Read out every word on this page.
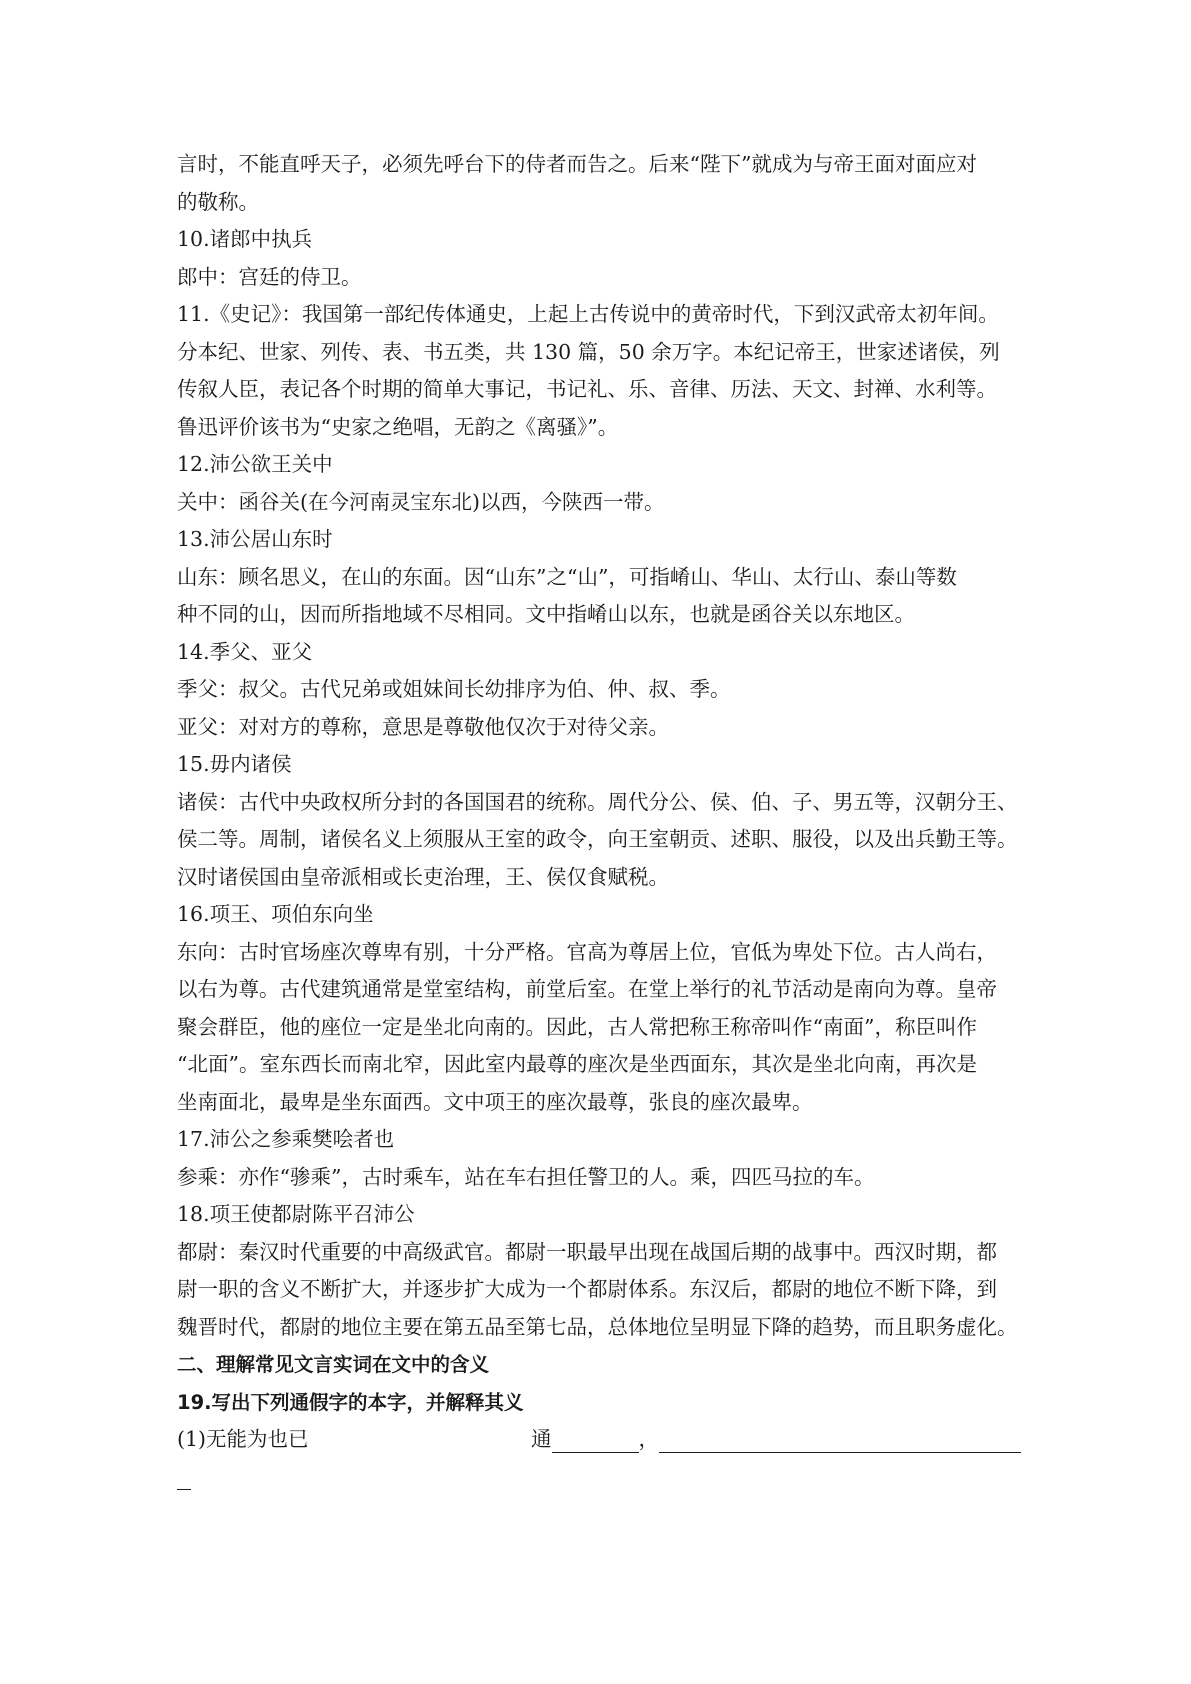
言时，不能直呼天子，必须先呼台下的侍者而告之。后来“陛下”就成为与帝王面对面应对

的敬称。

10.诸郎中执兵

郎中：宫廷的侍卫。

11.《史记》：我国第一部纪传体通史，上起上古传说中的黄帝时代，下到汉武帝太初年间。

分本纪、世家、列传、表、书五类，共 130 篇，50 余万字。本纪记帝王，世家述诸侯，列

传叙人臣，表记各个时期的简单大事记，书记礼、乐、音律、历法、天文、封禅、水利等。

鲁迅评价该书为“史家之绝唱，无韵之《离骚》”。

12.沛公欲王关中

关中：函谷关(在今河南灵宝东北)以西，今陕西一带。

13.沛公居山东时

山东：顾名思义，在山的东面。因“山东”之“山”，可指崤山、华山、太行山、泰山等数

种不同的山，因而所指地域不尽相同。文中指崤山以东，也就是函谷关以东地区。

14.季父、亚父

季父：叔父。古代兄弟或姐妹间长幼排序为伯、仲、叔、季。

亚父：对对方的尊称，意思是尊敬他仅次于对待父亲。

15.毋内诸侯

诸侯：古代中央政权所分封的各国国君的统称。周代分公、侯、伯、子、男五等，汉朝分王、

侯二等。周制，诸侯名义上须服从王室的政令，向王室朝贡、述职、服役，以及出兵勤王等。

汉时诸侯国由皇帝派相或长吏治理，王、侯仅食赋税。

16.项王、项伯东向坐

东向：古时官场座次尊卑有别，十分严格。官高为尊居上位，官低为卑处下位。古人尚右，

以右为尊。古代建筑通常是堂室结构，前堂后室。在堂上举行的礼节活动是南向为尊。皇帝

聚会群臣，他的座位一定是坐北向南的。因此，古人常把称王称帝叫作“南面”，称臣叫作

“北面”。室东西长而南北窄，因此室内最尊的座次是坐西面东，其次是坐北向南，再次是

坐南面北，最卑是坐东面西。文中项王的座次最尊，张良的座次最卑。

17.沛公之参乘樊哙者也

参乘：亦作“骖乘”，古时乘车，站在车右担任警卫的人。乘，四匹马拉的车。

18.项王使都尉陈平召沛公

都尉：秦汉时代重要的中高级武官。都尉一职最早出现在战国后期的战事中。西汉时期，都

尉一职的含义不断扩大，并逐步扩大成为一个都尉体系。东汉后，都尉的地位不断下降，到

魏晋时代，都尉的地位主要在第五品至第七品，总体地位呈明显下降的趋势，而且职务虚化。

二、理解常见文言实词在文中的含义

19.写出下列通假字的本字，并解释其义

(1)无能为也已	通	，
